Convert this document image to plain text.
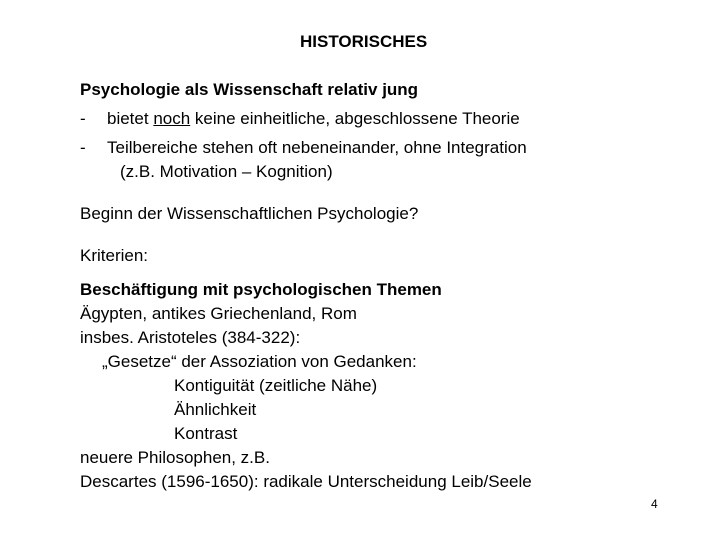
HISTORISCHES
Psychologie als Wissenschaft relativ jung
- bietet noch keine einheitliche, abgeschlossene Theorie
- Teilbereiche stehen oft nebeneinander, ohne Integration
(z.B. Motivation – Kognition)
Beginn der Wissenschaftlichen Psychologie?
Kriterien:
Beschäftigung mit psychologischen Themen
Ägypten, antikes Griechenland, Rom
insbes. Aristoteles (384-322):
„Gesetze“ der Assoziation von Gedanken:
Kontiguität (zeitliche Nähe)
Ähnlichkeit
Kontrast
neuere Philosophen, z.B.
Descartes (1596-1650): radikale Unterscheidung Leib/Seele
4
